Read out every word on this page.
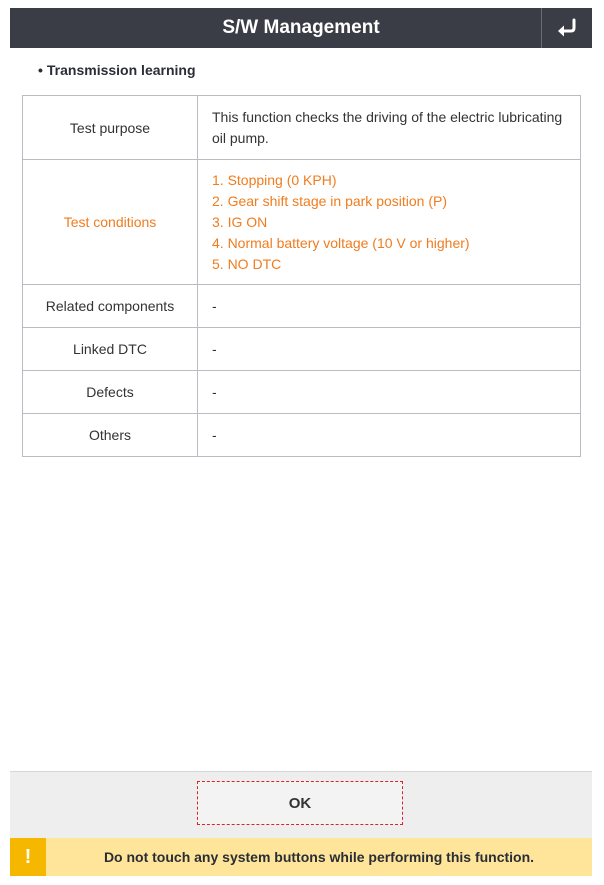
S/W Management
• Transmission learning
Test purpose	This function checks the driving of the electric lubricating oil pump.
Test conditions	1. Stopping (0 KPH)
2. Gear shift stage in park position (P)
3. IG ON
4. Normal battery voltage (10 V or higher)
5. NO DTC

Related components	-
Linked DTC	-
Defects	-
Others	-
OK
!	Do not touch any system buttons while performing this function.
